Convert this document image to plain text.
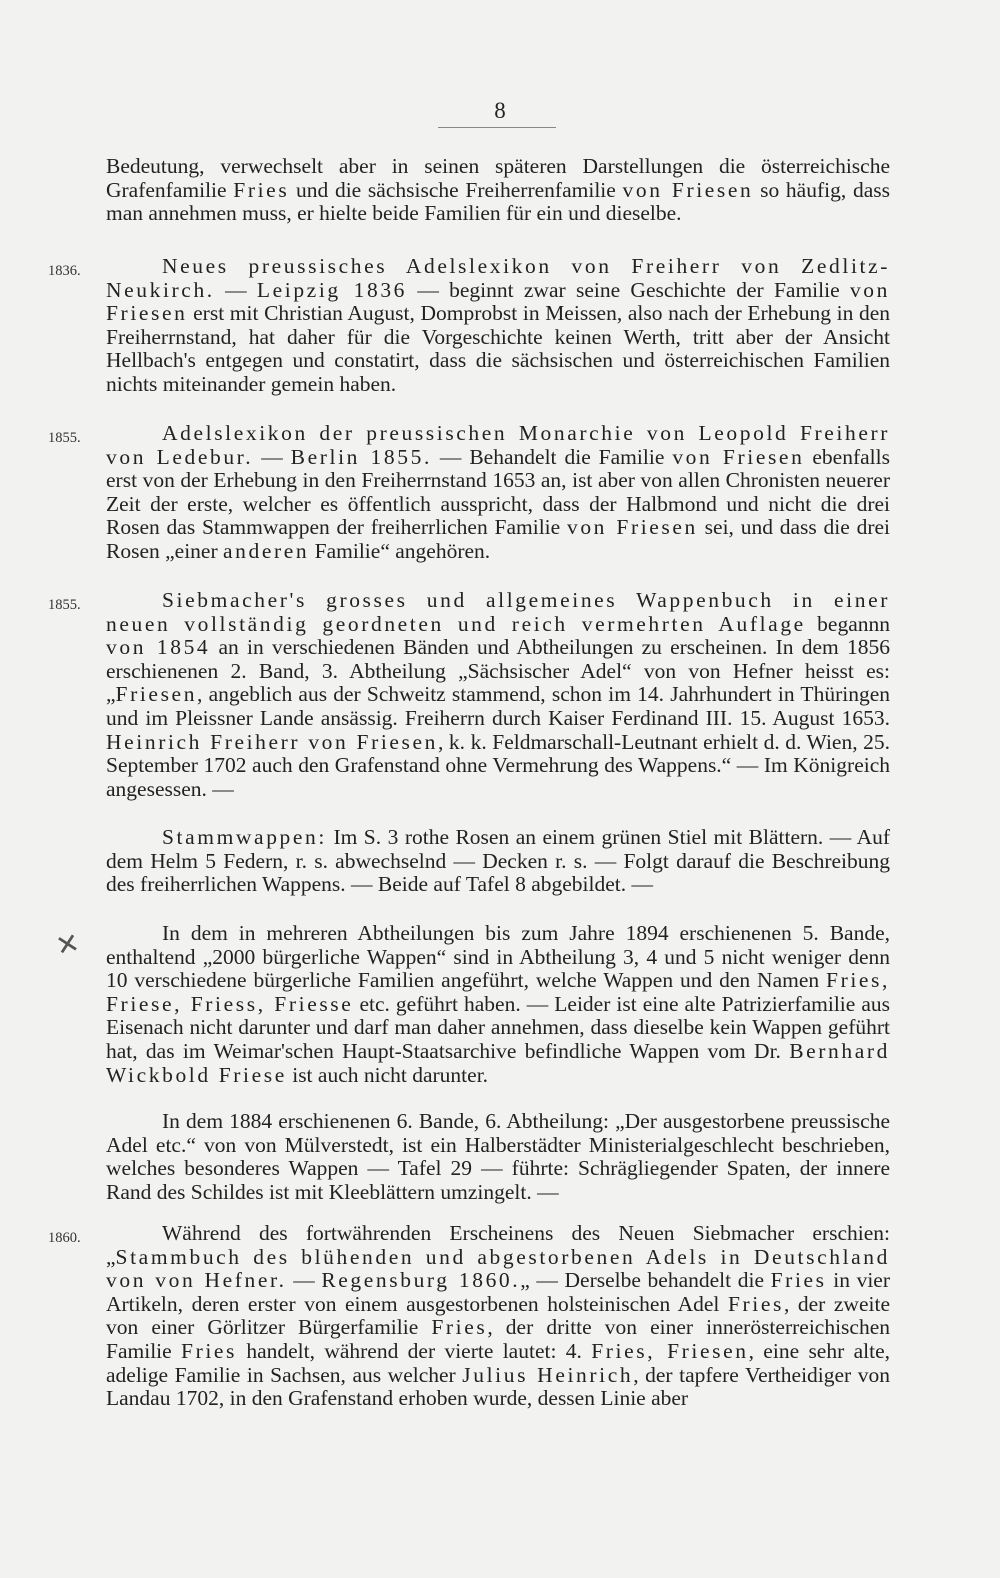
8
✕

Bedeutung, verwechselt aber in seinen späteren Darstellungen die österreichische Grafenfamilie Fries und die sächsische Freiherrenfamilie von Friesen so häufig, dass man annehmen muss, er hielte beide Familien für ein und dieselbe.

1836.	Neues preussisches Adelslexikon von Freiherr von Zedlitz-Neukirch. — Leipzig 1836 — beginnt zwar seine Geschichte der Familie von Friesen erst mit Christian August, Domprobst in Meissen, also nach der Erhebung in den Freiherrnstand, hat daher für die Vorgeschichte keinen Werth, tritt aber der Ansicht Hellbach's entgegen und constatirt, dass die sächsischen und österreichischen Familien nichts miteinander gemein haben.

1855.	Adelslexikon der preussischen Monarchie von Leopold Freiherr von Ledebur. — Berlin 1855. — Behandelt die Familie von Friesen ebenfalls erst von der Erhebung in den Freiherrnstand 1653 an, ist aber von allen Chronisten neuerer Zeit der erste, welcher es öffentlich ausspricht, dass der Halbmond und nicht die drei Rosen das Stammwappen der freiherrlichen Familie von Friesen sei, und dass die drei Rosen „einer anderen Familie“ angehören.

1855.	Siebmacher's grosses und allgemeines Wappenbuch in einer neuen vollständig geordneten und reich vermehrten Auflage begannn von 1854 an in verschiedenen Bänden und Abtheilungen zu erscheinen. In dem 1856 erschienenen 2. Band, 3. Abtheilung „Sächsischer Adel“ von von Hefner heisst es: „Friesen, angeblich aus der Schweitz stammend, schon im 14. Jahrhundert in Thüringen und im Pleissner Lande ansässig. Freiherrn durch Kaiser Ferdinand III. 15. August 1653. Heinrich Freiherr von Friesen, k. k. Feldmarschall-Leutnant erhielt d. d. Wien, 25. September 1702 auch den Grafenstand ohne Vermehrung des Wappens.“ — Im Königreich angesessen. —

Stammwappen: Im S. 3 rothe Rosen an einem grünen Stiel mit Blättern. — Auf dem Helm 5 Federn, r. s. abwechselnd — Decken r. s. — Folgt darauf die Beschreibung des freiherrlichen Wappens. — Beide auf Tafel 8 abgebildet. —

In dem in mehreren Abtheilungen bis zum Jahre 1894 erschienenen 5. Bande, enthaltend „2000 bürgerliche Wappen“ sind in Abtheilung 3, 4 und 5 nicht weniger denn 10 verschiedene bürgerliche Familien angeführt, welche Wappen und den Namen Fries, Friese, Friess, Friesse etc. geführt haben. — Leider ist eine alte Patrizierfamilie aus Eisenach nicht darunter und darf man daher annehmen, dass dieselbe kein Wappen geführt hat, das im Weimar'schen Haupt-Staatsarchive befindliche Wappen vom Dr. Bernhard Wickbold Friese ist auch nicht darunter.

In dem 1884 erschienenen 6. Bande, 6. Abtheilung: „Der ausgestorbene preussische Adel etc.“ von von Mülverstedt, ist ein Halberstädter Ministerialgeschlecht beschrieben, welches besonderes Wappen — Tafel 29 — führte: Schrägliegender Spaten, der innere Rand des Schildes ist mit Kleeblättern umzingelt. —

1860.	Während des fortwährenden Erscheinens des Neuen Siebmacher erschien: „Stammbuch des blühenden und abgestorbenen Adels in Deutschland von von Hefner. — Regensburg 1860.„ — Derselbe behandelt die Fries in vier Artikeln, deren erster von einem ausgestorbenen holsteinischen Adel Fries, der zweite von einer Görlitzer Bürgerfamilie Fries, der dritte von einer innerösterreichischen Familie Fries handelt, während der vierte lautet: 4. Fries, Friesen, eine sehr alte, adelige Familie in Sachsen, aus welcher Julius Heinrich, der tapfere Vertheidiger von Landau 1702, in den Grafenstand erhoben wurde, dessen Linie aber
